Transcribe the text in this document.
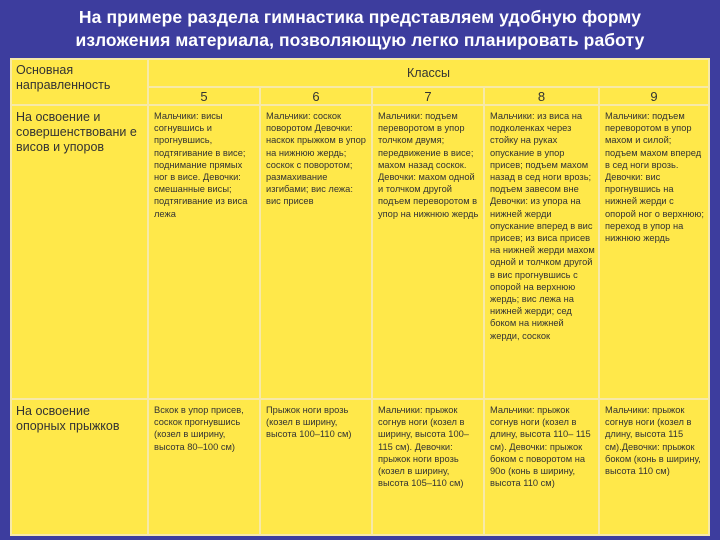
На примере раздела гимнастика представляем удобную форму
изложения материала, позволяющую легко планировать работу
Основная направленность	Классы				
	5	6	7	8	9
На освоение и совершенствовани е висов и упоров	Мальчики: висы согнувшись и прогнувшись, подтягивание в висе; поднимание прямых ног в висе. Девочки: смешанные висы; подтягивание из виса лежа	Мальчики: соскок поворотом Девочки: наскок прыжком в упор на нижнюю жердь; соскок с поворотом; размахивание изгибами; вис лежа: вис присев	Мальчики: подъем переворотом в упор толчком двумя; передвижение в висе; махом назад соскок. Девочки: махом одной и толчком другой подъем переворотом в упор на нижнюю жердь	Мальчики: из виса на подколенках через стойку на руках опускание в упор присев; подъем махом назад в сед ноги врозь; подъем завесом вне Девочки: из упора на нижней жерди опускание вперед в вис присев; из виса присев на нижней жерди махом одной и толчком другой в вис прогнувшись с опорой на верхнюю жердь; вис лежа на нижней жерди; сед боком на нижней жерди, соскок	Мальчики: подъем переворотом в упор махом и силой; подъем махом вперед в сед ноги врозь. Девочки: вис прогнувшись на нижней жерди с опорой ног о верхнюю; переход в упор на нижнюю жердь
На освоение опорных прыжков	Вскок в упор присев, соскок прогнувшись (козел в ширину, высота 80–100 см)	Прыжок ноги врозь (козел в ширину, высота 100–110 см)	Мальчики: прыжок согнув ноги (козел в ширину, высота 100–115 см). Девочки: прыжок ноги врозь (козел в ширину, высота 105–110 см)	Мальчики: прыжок согнув ноги (козел в длину, высота 110– 115 см). Девочки: прыжок боком с поворотом на 90о (конь в ширину, высота 110 см)	Мальчики: прыжок согнув ноги (козел в длину, высота 115 см).Девочки: прыжок боком (конь в ширину, высота 110 см)
